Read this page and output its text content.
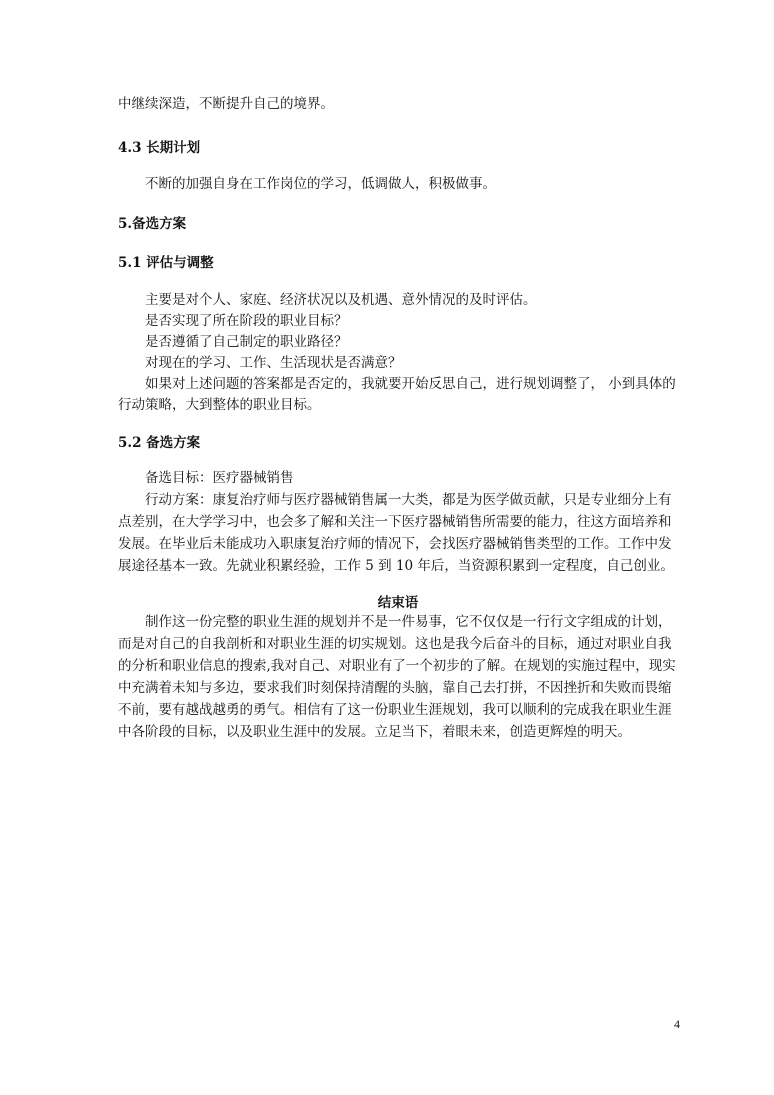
中继续深造，不断提升自己的境界。

4.3 长期计划

不断的加强自身在工作岗位的学习，低调做人，积极做事。

5.备选方案
5.1 评估与调整

主要是对个人、家庭、经济状况以及机遇、意外情况的及时评估。

是否实现了所在阶段的职业目标？

是否遵循了自己制定的职业路径？

对现在的学习、工作、生活现状是否满意？

如果对上述问题的答案都是否定的，我就要开始反思自己，进行规划调整了， 小到具体的

行动策略，大到整体的职业目标。

5.2 备选方案

备选目标：医疗器械销售

行动方案：康复治疗师与医疗器械销售属一大类，都是为医学做贡献，只是专业细分上有

点差别，在大学学习中，也会多了解和关注一下医疗器械销售所需要的能力，往这方面培养和

发展。在毕业后未能成功入职康复治疗师的情况下，会找医疗器械销售类型的工作。工作中发

展途径基本一致。先就业积累经验，工作 5 到 10 年后，当资源积累到一定程度，自己创业。

结束语

制作这一份完整的职业生涯的规划并不是一件易事，它不仅仅是一行行文字组成的计划，

而是对自己的自我剖析和对职业生涯的切实规划。这也是我今后奋斗的目标，通过对职业自我

的分析和职业信息的搜索,我对自己、对职业有了一个初步的了解。在规划的实施过程中，现实

中充满着未知与多边，要求我们时刻保持清醒的头脑，靠自己去打拼，不因挫折和失败而畏缩

不前，要有越战越勇的勇气。相信有了这一份职业生涯规划，我可以顺利的完成我在职业生涯

中各阶段的目标，以及职业生涯中的发展。立足当下，着眼未来，创造更辉煌的明天。

4
